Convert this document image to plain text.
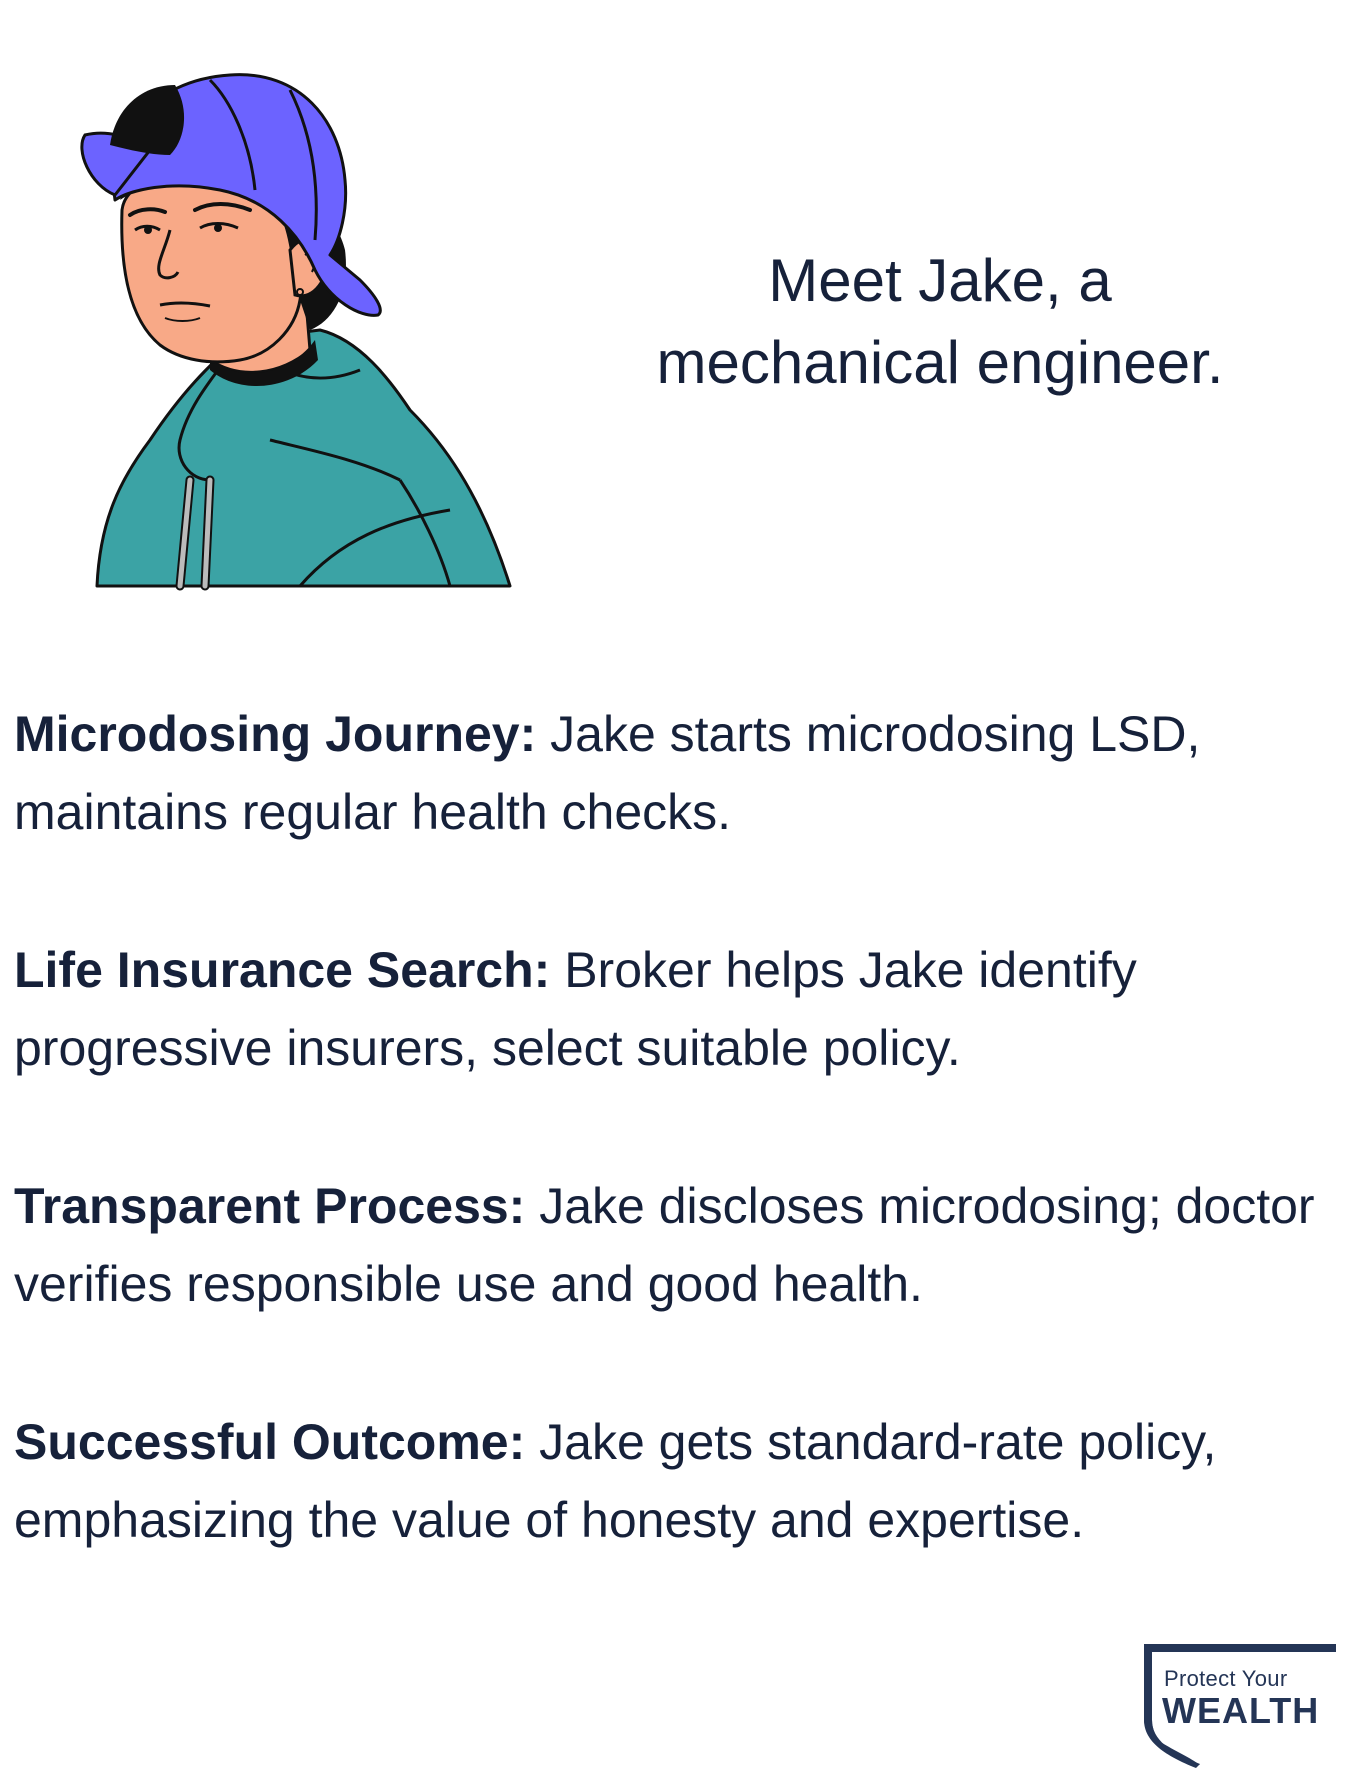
Meet Jake, a
mechanical engineer.

Microdosing Journey: Jake starts microdosing LSD, maintains regular health checks.

Life Insurance Search: Broker helps Jake identify progressive insurers, select suitable policy.

Transparent Process: Jake discloses microdosing; doctor verifies responsible use and good health.

Successful Outcome: Jake gets standard-rate policy, emphasizing the value of honesty and expertise.

Protect Your
WEALTH
